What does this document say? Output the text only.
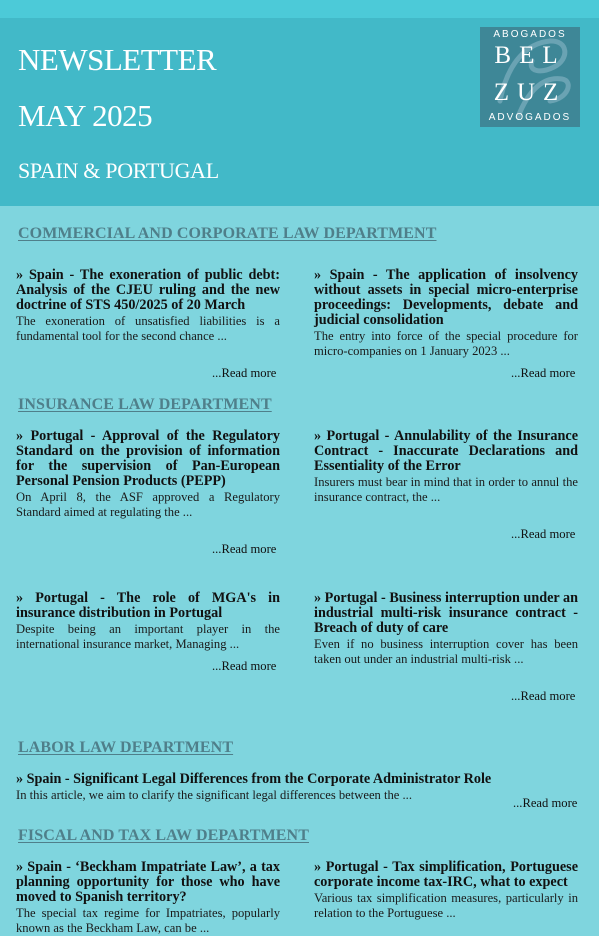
NEWSLETTER
MAY 2025
SPAIN & PORTUGAL
ABOGADOS
BEL
ZUZ
ADVOGADOS
COMMERCIAL AND CORPORATE LAW DEPARTMENT
» Spain - The exoneration of public debt: Analysis of the CJEU ruling and the new doctrine of STS 450/2025 of 20 March
The exoneration of unsatisfied liabilities is a fundamental tool for the second chance ...
...Read more
» Spain - The application of insolvency without assets in special micro-enterprise proceedings: Developments, debate and judicial consolidation
The entry into force of the special procedure for micro-companies on 1 January 2023 ...
...Read more
INSURANCE LAW DEPARTMENT
» Portugal - Approval of the Regulatory Standard on the provision of information for the supervision of Pan-European Personal Pension Products (PEPP)
On April 8, the ASF approved a Regulatory Standard aimed at regulating the ...
...Read more
» Portugal - Annulability of the Insurance Contract - Inaccurate Declarations and Essentiality of the Error
Insurers must bear in mind that in order to annul the insurance contract, the ...
...Read more
» Portugal - The role of MGA's in insurance distribution in Portugal
Despite being an important player in the international insurance market, Managing ...
...Read more
» Portugal - Business interruption under an industrial multi-risk insurance contract - Breach of duty of care
Even if no business interruption cover has been taken out under an industrial multi-risk ...
...Read more
LABOR LAW DEPARTMENT
» Spain - Significant Legal Differences from the Corporate Administrator Role
In this article, we aim to clarify the significant legal differences between the ...
...Read more
FISCAL AND TAX LAW DEPARTMENT
» Spain - ‘Beckham Impatriate Law’, a tax planning opportunity for those who have moved to Spanish territory?
The special tax regime for Impatriates, popularly known as the Beckham Law, can be ...
» Portugal - Tax simplification, Portuguese corporate income tax-IRC, what to expect
Various tax simplification measures, particularly in relation to the Portuguese ...
